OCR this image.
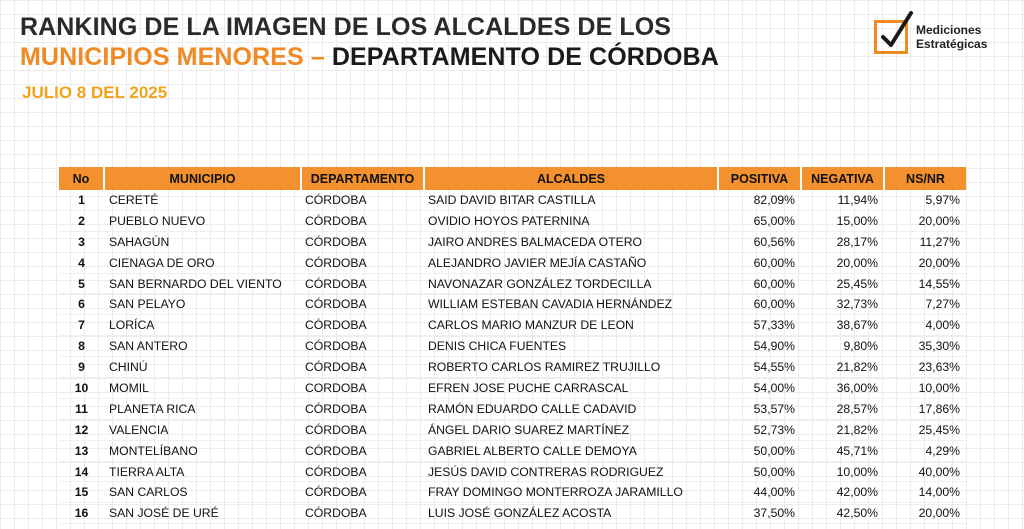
RANKING DE LA IMAGEN DE LOS ALCALDES DE LOS
MUNICIPIOS MENORES – DEPARTAMENTO DE CÓRDOBA
JULIO 8 DEL 2025
Mediciones
Estratégicas
No	MUNICIPIO	DEPARTAMENTO	ALCALDES	POSITIVA	NEGATIVA	NS/NR
1	CERETÉ	CÓRDOBA	SAID DAVID BITAR CASTILLA	82,09%	11,94%	5,97%
2	PUEBLO NUEVO	CÓRDOBA	OVIDIO HOYOS PATERNINA	65,00%	15,00%	20,00%
3	SAHAGÚN	CÓRDOBA	JAIRO ANDRES BALMACEDA OTERO	60,56%	28,17%	11,27%
4	CIENAGA DE ORO	CÓRDOBA	ALEJANDRO JAVIER MEJÍA CASTAÑO	60,00%	20,00%	20,00%
5	SAN BERNARDO DEL VIENTO	CÓRDOBA	NAVONAZAR GONZÁLEZ TORDECILLA	60,00%	25,45%	14,55%
6	SAN PELAYO	CÓRDOBA	WILLIAM ESTEBAN CAVADIA HERNÁNDEZ	60,00%	32,73%	7,27%
7	LORÍCA	CÓRDOBA	CARLOS MARIO MANZUR DE LEON	57,33%	38,67%	4,00%
8	SAN ANTERO	CÓRDOBA	DENIS CHICA FUENTES	54,90%	9,80%	35,30%
9	CHINÚ	CÓRDOBA	ROBERTO CARLOS RAMIREZ TRUJILLO	54,55%	21,82%	23,63%
10	MOMIL	CORDOBA	EFREN JOSE PUCHE CARRASCAL	54,00%	36,00%	10,00%
11	PLANETA RICA	CÓRDOBA	RAMÓN EDUARDO CALLE CADAVID	53,57%	28,57%	17,86%
12	VALENCIA	CÓRDOBA	ÁNGEL DARIO SUAREZ MARTÍNEZ	52,73%	21,82%	25,45%
13	MONTELÍBANO	CÓRDOBA	GABRIEL ALBERTO CALLE DEMOYA	50,00%	45,71%	4,29%
14	TIERRA ALTA	CÓRDOBA	JESÚS DAVID CONTRERAS RODRIGUEZ	50,00%	10,00%	40,00%
15	SAN CARLOS	CÓRDOBA	FRAY DOMINGO MONTERROZA JARAMILLO	44,00%	42,00%	14,00%
16	SAN JOSÉ DE URÉ	CÓRDOBA	LUIS JOSÉ GONZÁLEZ ACOSTA	37,50%	42,50%	20,00%
